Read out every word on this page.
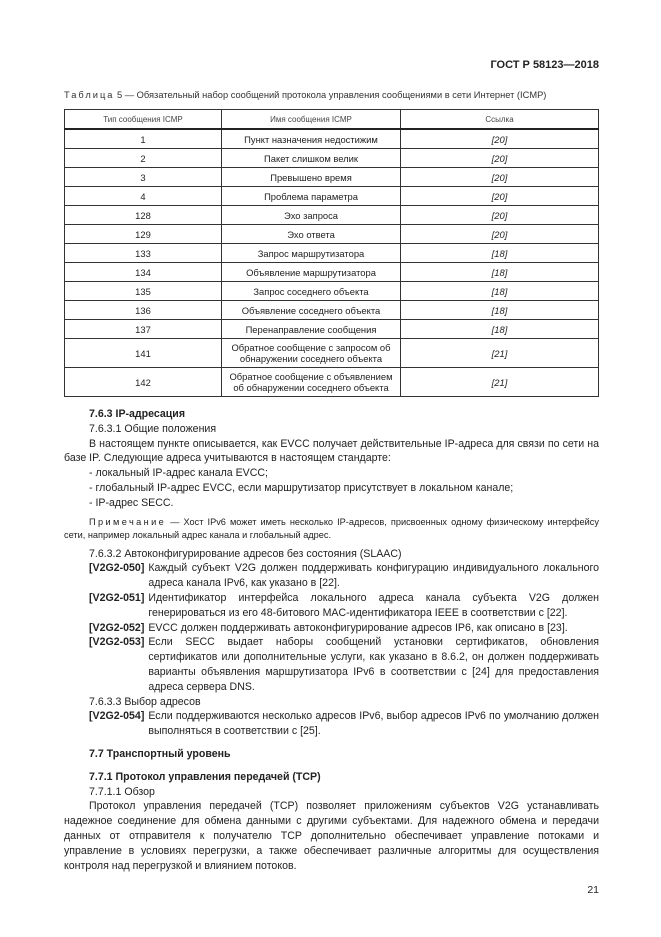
ГОСТ Р 58123—2018
Таблица 5 — Обязательный набор сообщений протокола управления сообщениями в сети Интернет (ICMP)
Тип сообщения ICMP	Имя сообщения ICMP	Ссылка
1	Пункт назначения недостижим	[20]
2	Пакет слишком велик	[20]
3	Превышено время	[20]
4	Проблема параметра	[20]
128	Эхо запроса	[20]
129	Эхо ответа	[20]
133	Запрос маршрутизатора	[18]
134	Объявление маршрутизатора	[18]
135	Запрос соседнего объекта	[18]
136	Объявление соседнего объекта	[18]
137	Перенаправление сообщения	[18]
141	Обратное сообщение с запросом об обнаружении соседнего объекта	[21]
142	Обратное сообщение с объявлением об обнаружении соседнего объекта	[21]

7.6.3 IP-адресация

7.6.3.1 Общие положения

В настоящем пункте описывается, как EVCC получает действительные IP-адреса для связи по сети на базе IP. Следующие адреса учитываются в настоящем стандарте:

- локальный IP-адрес канала EVCC;

- глобальный IP-адрес EVCC, если маршрутизатор присутствует в локальном канале;

- IP-адрес SECC.

Примечание — Хост IPv6 может иметь несколько IP-адресов, присвоенных одному физическому интерфейсу сети, например локальный адрес канала и глобальный адрес.

7.6.3.2 Автоконфигурирование адресов без состояния (SLAAC)

[V2G2-050] Каждый субъект V2G должен поддерживать конфигурацию индивидуального локального адреса канала IPv6, как указано в [22].
[V2G2-051] Идентификатор интерфейса локального адреса канала субъекта V2G должен генерироваться из его 48-битового MAC-идентификатора IEEE в соответствии с [22].
[V2G2-052] EVCC должен поддерживать автоконфигурирование адресов IP6, как описано в [23].
[V2G2-053] Если SECC выдает наборы сообщений установки сертификатов, обновления сертификатов или дополнительные услуги, как указано в 8.6.2, он должен поддерживать варианты объявления маршрутизатора IPv6 в соответствии с [24] для предоставления адреса сервера DNS.

7.6.3.3 Выбор адресов

[V2G2-054] Если поддерживаются несколько адресов IPv6, выбор адресов IPv6 по умолчанию должен выполняться в соответствии с [25].

7.7 Транспортный уровень

7.7.1 Протокол управления передачей (TCP)

7.7.1.1 Обзор

Протокол управления передачей (TCP) позволяет приложениям субъектов V2G устанавливать надежное соединение для обмена данными с другими субъектами. Для надежного обмена и передачи данных от отправителя к получателю TCP дополнительно обеспечивает управление потоками и управление в условиях перегрузки, а также обеспечивает различные алгоритмы для осуществления контроля над перегрузкой и влиянием потоков.

21
